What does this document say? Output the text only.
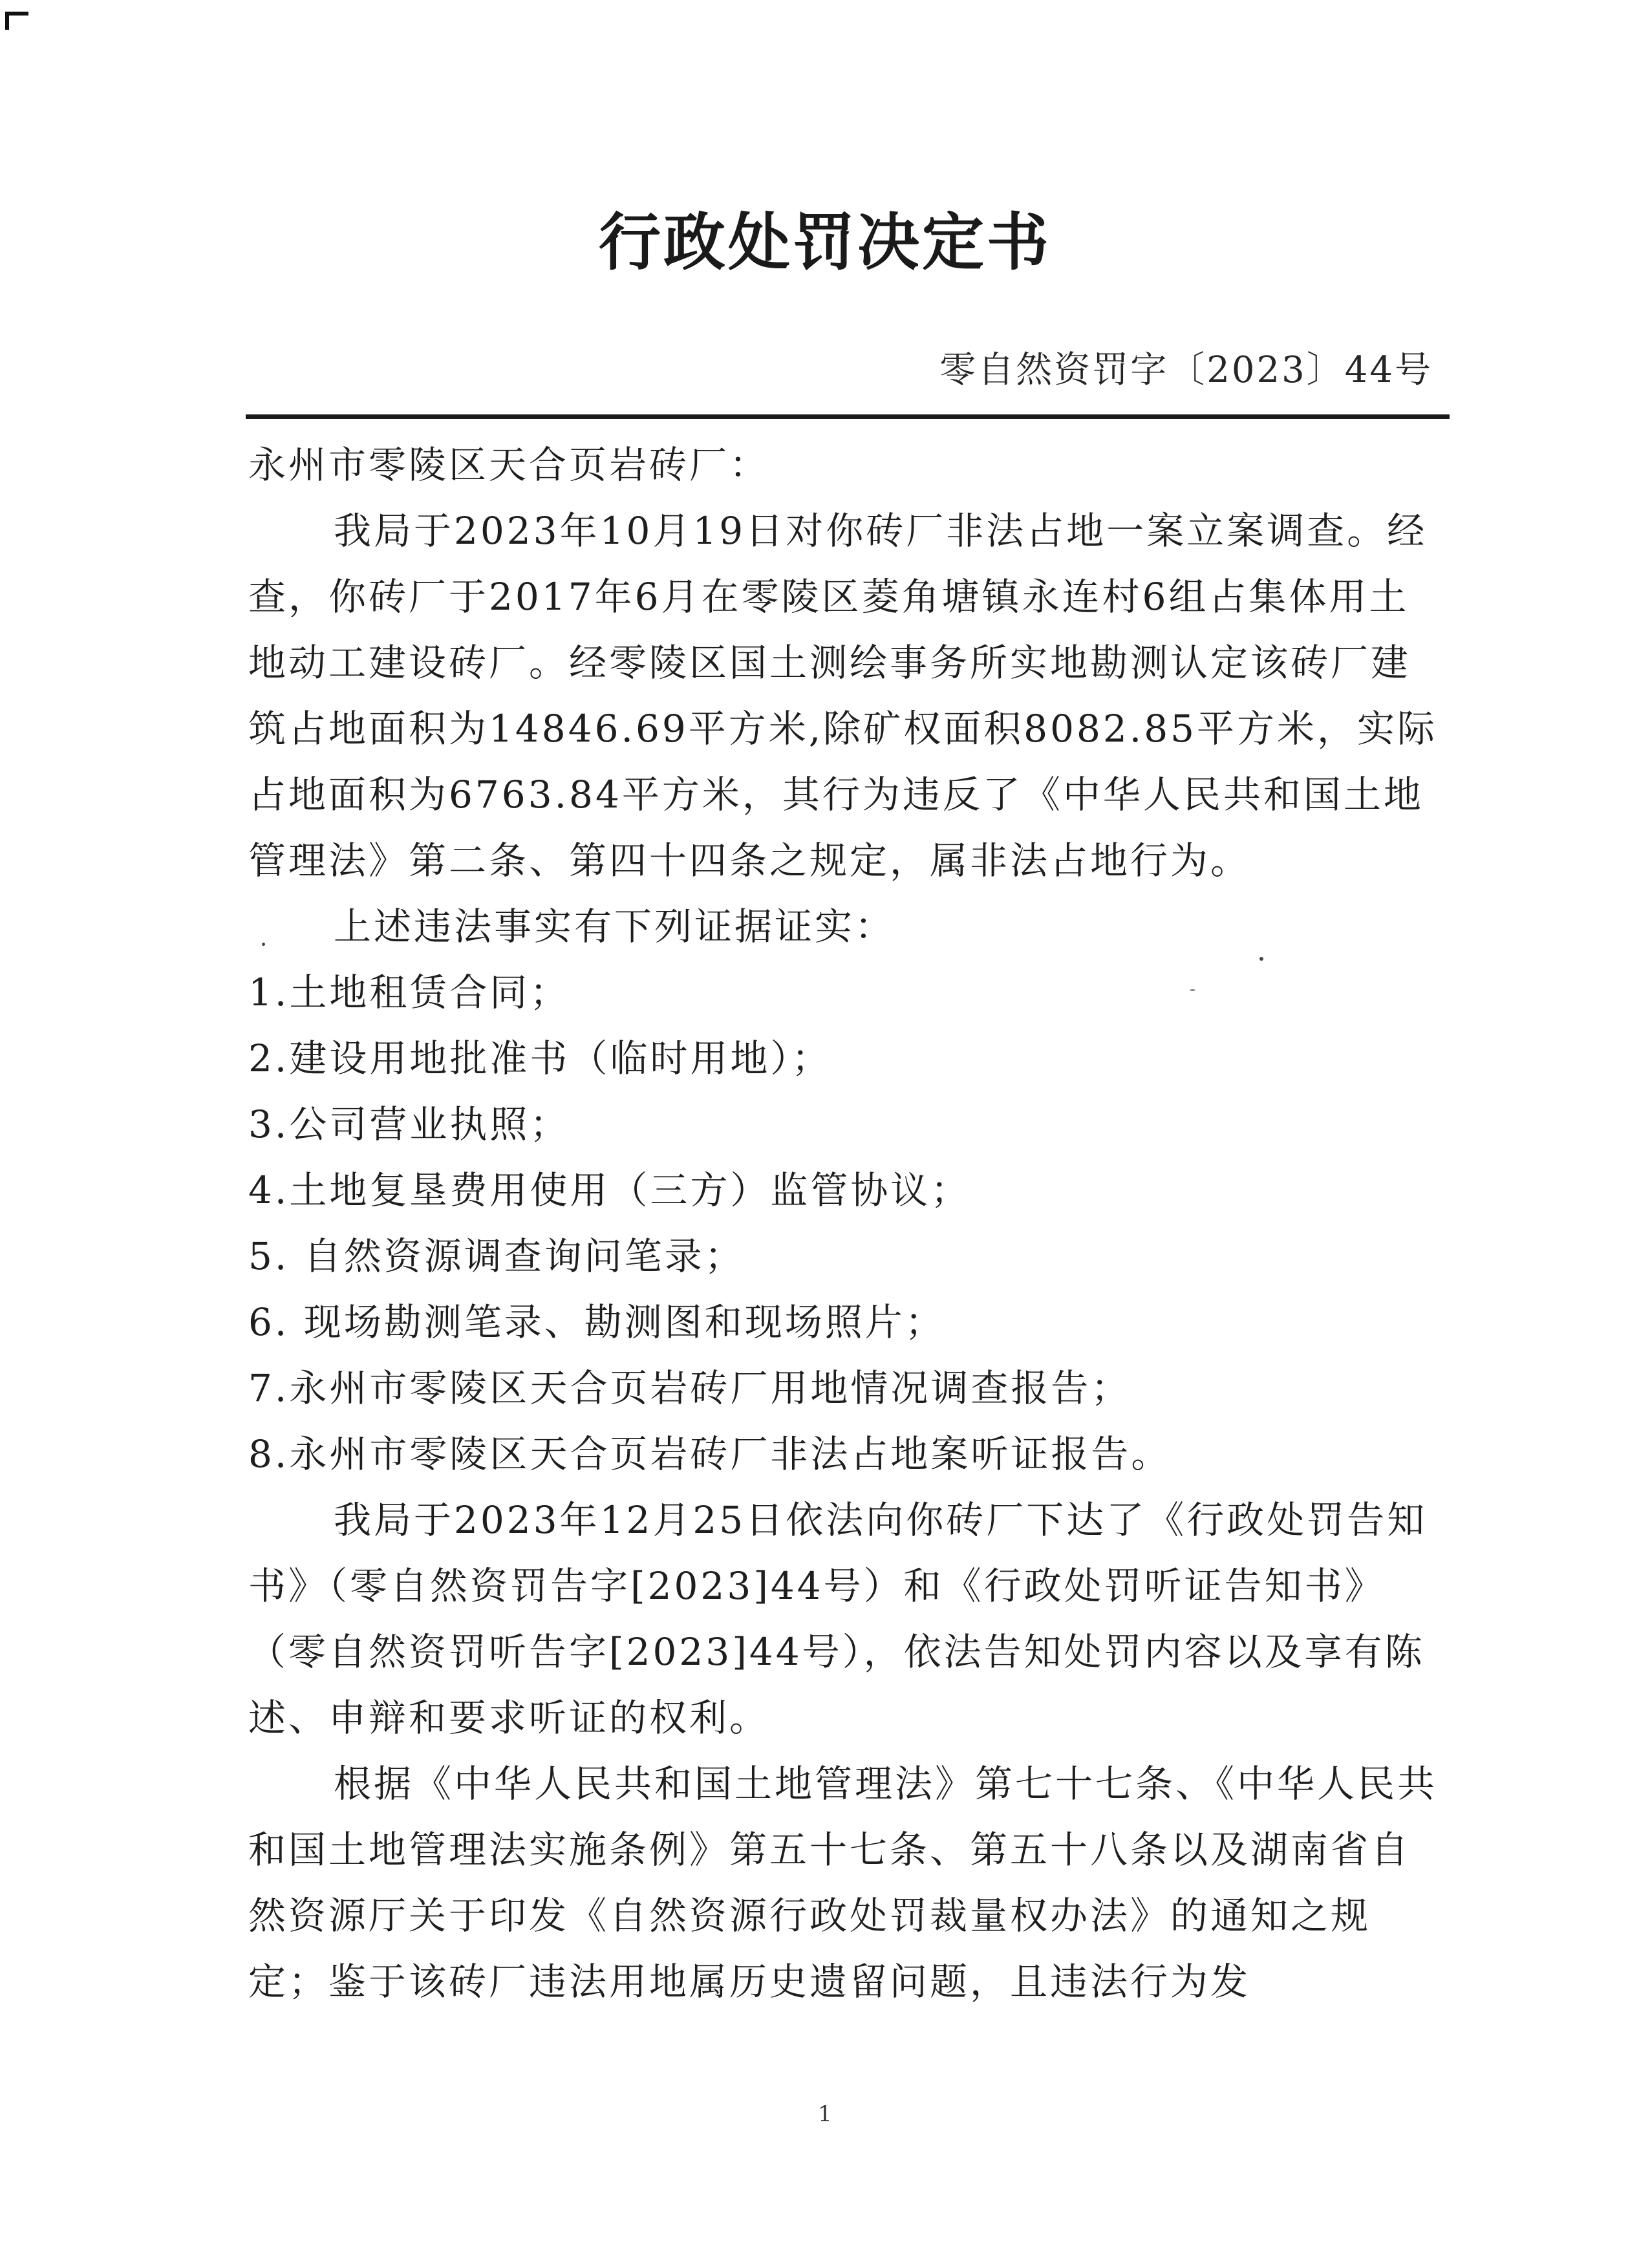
行政处罚决定书
零自然资罚字〔2023〕44号

永州市零陵区天合页岩砖厂：

我局于2023年10月19日对你砖厂非法占地一案立案调查。经查，你砖厂于2017年6月在零陵区菱角塘镇永连村6组占集体用土地动工建设砖厂。经零陵区国土测绘事务所实地勘测认定该砖厂建筑占地面积为14846.69平方米,除矿权面积8082.85平方米，实际占地面积为6763.84平方米，其行为违反了《中华人民共和国土地管理法》第二条、第四十四条之规定，属非法占地行为。

上述违法事实有下列证据证实：

1.土地租赁合同；

2.建设用地批准书（临时用地）；

3.公司营业执照；

4.土地复垦费用使用（三方）监管协议；

5. 自然资源调查询问笔录；

6. 现场勘测笔录、勘测图和现场照片；

7.永州市零陵区天合页岩砖厂用地情况调查报告；

8.永州市零陵区天合页岩砖厂非法占地案听证报告。

我局于2023年12月25日依法向你砖厂下达了《行政处罚告知书》（零自然资罚告字[2023]44号）和《行政处罚听证告知书》（零自然资罚听告字[2023]44号），依法告知处罚内容以及享有陈述、申辩和要求听证的权利。

根据《中华人民共和国土地管理法》第七十七条、《中华人民共和国土地管理法实施条例》第五十七条、第五十八条以及湖南省自然资源厅关于印发《自然资源行政处罚裁量权办法》的通知之规定；鉴于该砖厂违法用地属历史遗留问题，且违法行为发

1
